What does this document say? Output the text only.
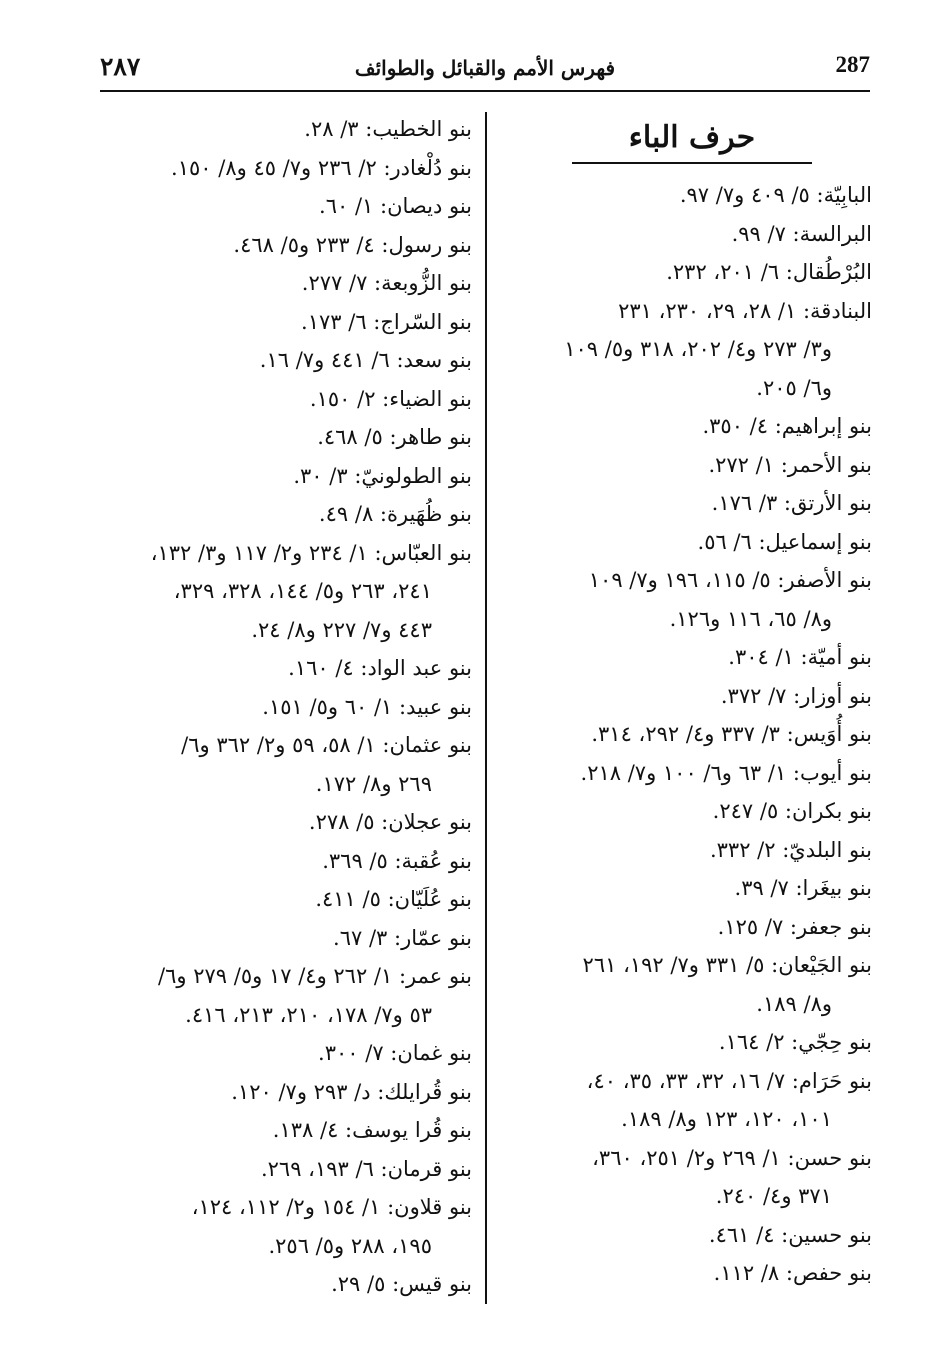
٢٨٧	فهرس الأمم والقبائل والطوائف	287
حرف الباء
البابِيّة: ٥/ ٤٠٩ و٧/ ٩٧.
البرالسة: ٧/ ٩٩.
البُرْطُقال: ٦/ ٢٠١، ٢٣٢.
البنادقة: ١/ ٢٨، ٢٩، ٢٣٠، ٢٣١
و٣/ ٢٧٣ و٤/ ٢٠٢، ٣١٨ و٥/ ١٠٩
و٦/ ٢٠٥.
بنو إبراهيم: ٤/ ٣٥٠.
بنو الأحمر: ١/ ٢٧٢.
بنو الأرتق: ٣/ ١٧٦.
بنو إسماعيل: ٦/ ٥٦.
بنو الأصفر: ٥/ ١١٥، ١٩٦ و٧/ ١٠٩
و٨/ ٦٥، ١١٦ و١٢٦.
بنو أميّة: ١/ ٣٠٤.
بنو أوزار: ٧/ ٣٧٢.
بنو أُوَيس: ٣/ ٣٣٧ و٤/ ٢٩٢، ٣١٤.
بنو أيوب: ١/ ٦٣ و٦/ ١٠٠ و٧/ ٢١٨.
بنو بكران: ٥/ ٢٤٧.
بنو البلديّ: ٢/ ٣٣٢.
بنو بيغَرا: ٧/ ٣٩.
بنو جعفر: ٧/ ١٢٥.
بنو الجَيْعان: ٥/ ٣٣١ و٧/ ١٩٢، ٢٦١
و٨/ ١٨٩.
بنو حِجّي: ٢/ ١٦٤.
بنو حَرَام: ٧/ ١٦، ٣٢، ٣٣، ٣٥، ٤٠،
١٠١، ١٢٠، ١٢٣ و٨/ ١٨٩.
بنو حسن: ١/ ٢٦٩ و٢/ ٢٥١، ٣٦٠،
٣٧١ و٤/ ٢٤٠.
بنو حسين: ٤/ ٤٦١.
بنو حفص: ٨/ ١١٢.
بنو الخطيب: ٣/ ٢٨.
بنو دُلْغادر: ٢/ ٢٣٦ و٧/ ٤٥ و٨/ ١٥٠.
بنو ديصان: ١/ ٦٠.
بنو رسول: ٤/ ٢٣٣ و٥/ ٤٦٨.
بنو الزُّوبعة: ٧/ ٢٧٧.
بنو السّراج: ٦/ ١٧٣.
بنو سعد: ٦/ ٤٤١ و٧/ ١٦.
بنو الضياء: ٢/ ١٥٠.
بنو طاهر: ٥/ ٤٦٨.
بنو الطولونيّ: ٣/ ٣٠.
بنو ظُهَيرة: ٨/ ٤٩.
بنو العبّاس: ١/ ٢٣٤ و٢/ ١١٧ و٣/ ١٣٢،
٢٤١، ٢٦٣ و٥/ ١٤٤، ٣٢٨، ٣٢٩،
٤٤٣ و٧/ ٢٢٧ و٨/ ٢٤.
بنو عبد الواد: ٤/ ١٦٠.
بنو عبيد: ١/ ٦٠ و٥/ ١٥١.
بنو عثمان: ١/ ٥٨، ٥٩ و٢/ ٣٦٢ و٦/
٢٦٩ و٨/ ١٧٢.
بنو عجلان: ٥/ ٢٧٨.
بنو عُقبة: ٥/ ٣٦٩.
بنو عُلَيّان: ٥/ ٤١١.
بنو عمّار: ٣/ ٦٧.
بنو عمر: ١/ ٢٦٢ و٤/ ١٧ و٥/ ٢٧٩ و٦/
٥٣ و٧/ ١٧٨، ٢١٠، ٢١٣، ٤١٦.
بنو غمان: ٧/ ٣٠٠.
بنو قُرايلك: د/ ٢٩٣ و٧/ ١٢٠.
بنو قُرا يوسف: ٤/ ١٣٨.
بنو قرمان: ٦/ ١٩٣، ٢٦٩.
بنو قلاون: ١/ ١٥٤ و٢/ ١١٢، ١٢٤،
١٩٥، ٢٨٨ و٥/ ٢٥٦.
بنو قيس: ٥/ ٢٩.
